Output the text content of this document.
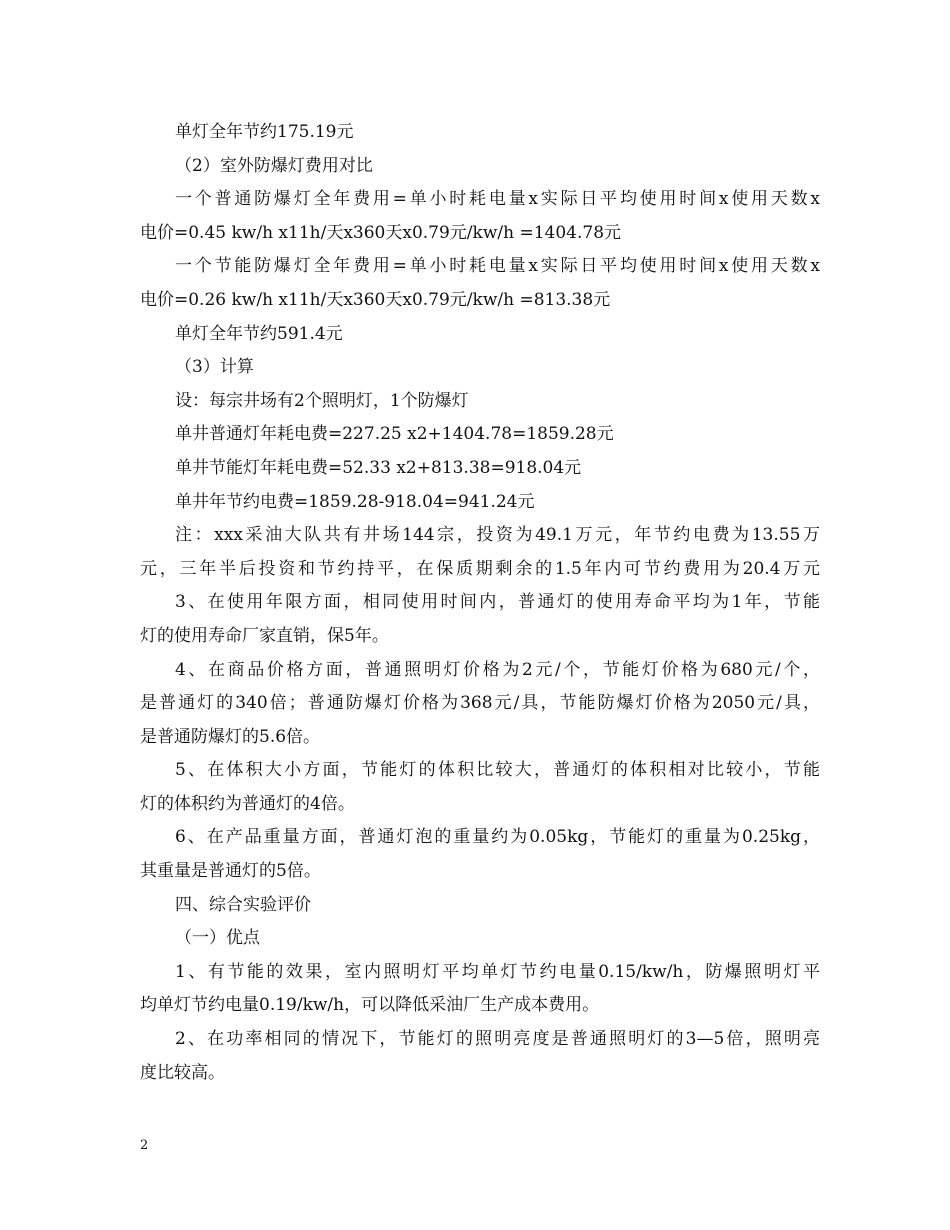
单灯全年节约175.19元
（2）室外防爆灯费用对比
一个普通防爆灯全年费用=单小时耗电量x实际日平均使用时间x使用天数x
电价=0.45 kw/h x11h/天x360天x0.79元/kw/h =1404.78元
一个节能防爆灯全年费用=单小时耗电量x实际日平均使用时间x使用天数x
电价=0.26 kw/h x11h/天x360天x0.79元/kw/h =813.38元
单灯全年节约591.4元
（3）计算
设：每宗井场有2个照明灯，1个防爆灯
单井普通灯年耗电费=227.25 x2+1404.78=1859.28元
单井节能灯年耗电费=52.33 x2+813.38=918.04元
单井年节约电费=1859.28-918.04=941.24元
注：xxx采油大队共有井场144宗，投资为49.1万元，年节约电费为13.55万
元，三年半后投资和节约持平，在保质期剩余的1.5年内可节约费用为20.4万元
3、在使用年限方面，相同使用时间内，普通灯的使用寿命平均为1年，节能
灯的使用寿命厂家直销，保5年。
4、在商品价格方面，普通照明灯价格为2元/个，节能灯价格为680元/个，
是普通灯的340倍；普通防爆灯价格为368元/具，节能防爆灯价格为2050元/具，
是普通防爆灯的5.6倍。
5、在体积大小方面，节能灯的体积比较大，普通灯的体积相对比较小，节能
灯的体积约为普通灯的4倍。
6、在产品重量方面，普通灯泡的重量约为0.05kg，节能灯的重量为0.25kg，
其重量是普通灯的5倍。
四、综合实验评价
（一）优点
1、有节能的效果，室内照明灯平均单灯节约电量0.15/kw/h，防爆照明灯平
均单灯节约电量0.19/kw/h，可以降低采油厂生产成本费用。
2、在功率相同的情况下，节能灯的照明亮度是普通照明灯的3—5倍，照明亮
度比较高。
2
